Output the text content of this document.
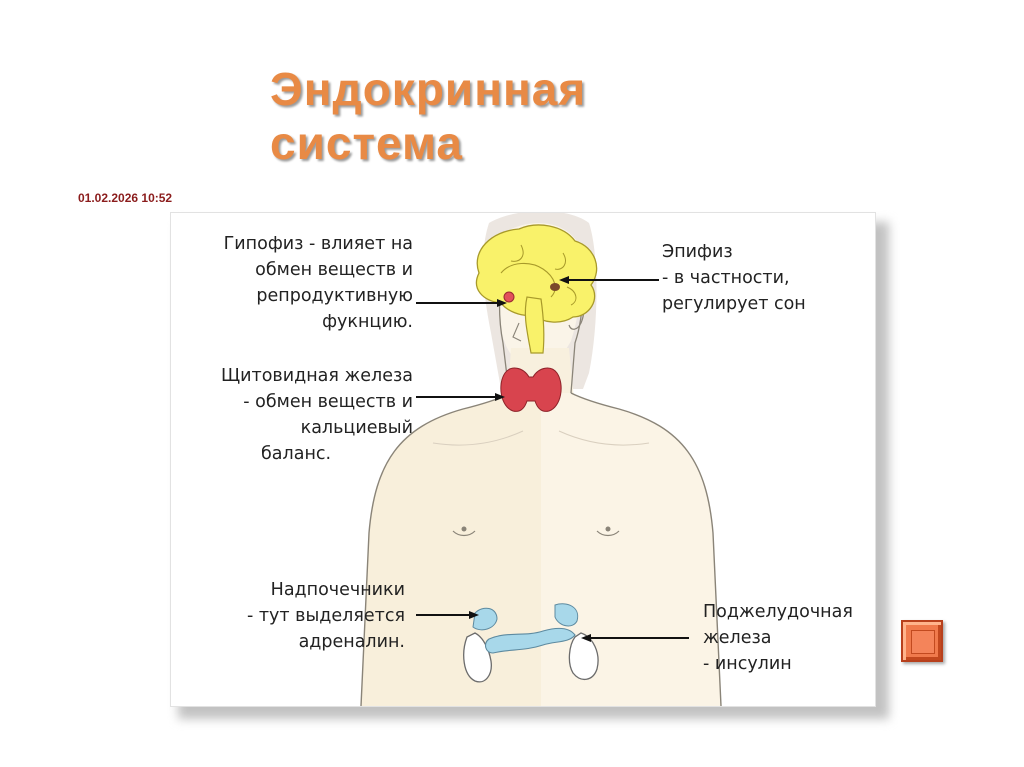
Эндокринная
система
01.02.2026 10:52
Гипофиз - влияет на
обмен веществ и
репродуктивную
фукнцию.
Эпифиз
- в частности,
регулирует сон
Щитовидная железа
- обмен веществ и
кальциевый
баланс.
Надпочечники
- тут выделяется
адреналин.
Поджелудочная
железа
- инсулин
